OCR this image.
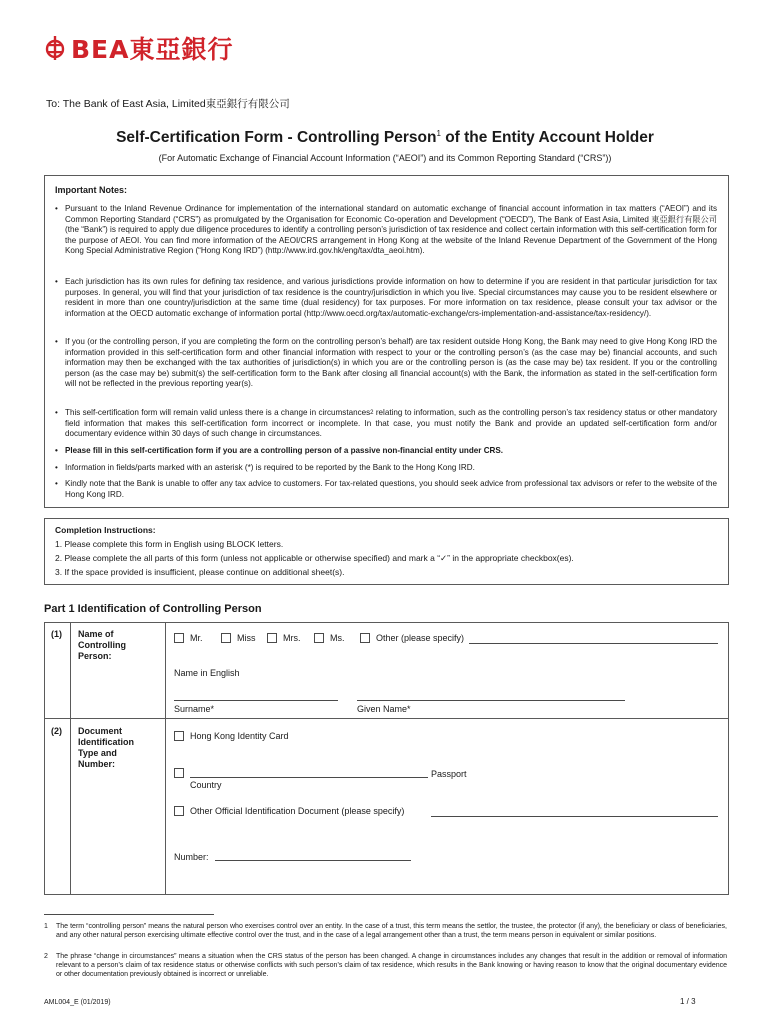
BEA東亞銀行
To: The Bank of East Asia, Limited東亞銀行有限公司
Self-Certification Form - Controlling Person$^1$ of the Entity Account Holder
(For Automatic Exchange of Financial Account Information (“AEOI”) and its Common Reporting Standard (“CRS”))
Important Notes:
• Pursuant to the Inland Revenue Ordinance for implementation of the international standard on automatic exchange of financial account information in tax matters (“AEOI”) and its Common Reporting Standard (“CRS”) as promulgated by the Organisation for Economic Co-operation and Development (“OECD”), The Bank of East Asia, Limited 東亞銀行有限公司 (the “Bank”) is required to apply due diligence procedures to identify a controlling person’s jurisdiction of tax residence and collect certain information with this self-certification form for the purpose of AEOI. You can find more information of the AEOI/CRS arrangement in Hong Kong at the website of the Inland Revenue Department of the Government of the Hong Kong Special Administrative Region (“Hong Kong IRD”) (http://www.ird.gov.hk/eng/tax/dta_aeoi.htm).
• Each jurisdiction has its own rules for defining tax residence, and various jurisdictions provide information on how to determine if you are resident in that particular jurisdiction for tax purposes. In general, you will find that your jurisdiction of tax residence is the country/jurisdiction in which you live. Special circumstances may cause you to be resident elsewhere or resident in more than one country/jurisdiction at the same time (dual residency) for tax purposes. For more information on tax residence, please consult your tax advisor or the information at the OECD automatic exchange of information portal (http://www.oecd.org/tax/automatic-exchange/crs-implementation-and-assistance/tax-residency/).
• If you (or the controlling person, if you are completing the form on the controlling person’s behalf) are tax resident outside Hong Kong, the Bank may need to give Hong Kong IRD the information provided in this self-certification form and other financial information with respect to your or the controlling person’s (as the case may be) financial accounts, and such information may then be exchanged with the tax authorities of jurisdiction(s) in which you are or the controlling person is (as the case may be) tax resident. If you or the controlling person (as the case may be) submit(s) the self-certification form to the Bank after closing all financial account(s) with the Bank, the information as stated in the self-certification form will not be reflected in the previous reporting year(s).
• This self-certification form will remain valid unless there is a change in circumstances$^2$ relating to information, such as the controlling person’s tax residency status or other mandatory field information that makes this self-certification form incorrect or incomplete. In that case, you must notify the Bank and provide an updated self-certification form and/or documentary evidence within 30 days of such change in circumstances.
• Please fill in this self-certification form if you are a controlling person of a passive non-financial entity under CRS.
• Information in fields/parts marked with an asterisk (*) is required to be reported by the Bank to the Hong Kong IRD.
• Kindly note that the Bank is unable to offer any tax advice to customers. For tax-related questions, you should seek advice from professional tax advisors or refer to the website of the Hong Kong IRD.
Completion Instructions:
1. Please complete this form in English using BLOCK letters.
2. Please complete the all parts of this form (unless not applicable or otherwise specified) and mark a “✓” in the appropriate checkbox(es).
3. If the space provided is insufficient, please continue on additional sheet(s).
Part 1 Identification of Controlling Person
(1) Name of Controlling Person:
Mr.	Miss	Mrs.	Ms.	Other (please specify)
Name in English
Surname*	Given Name*
(2) Document Identification Type and Number:
Hong Kong Identity Card
Passport
Country
Other Official Identification Document (please specify)
Number:
1	The term “controlling person” means the natural person who exercises control over an entity. In the case of a trust, this term means the settlor, the trustee, the protector (if any), the beneficiary or class of beneficiaries, and any other natural person exercising ultimate effective control over the trust, and in the case of a legal arrangement other than a trust, the term means person in equivalent or similar positions.
2	The phrase “change in circumstances” means a situation when the CRS status of the person has been changed. A change in circumstances includes any changes that result in the addition or removal of information relevant to a person’s claim of tax residence status or otherwise conflicts with such person’s claim of tax residence, which results in the Bank knowing or having reason to know that the original documentary evidence or other documentation previously obtained is incorrect or unreliable.
AML004_E (01/2019)	1 / 3
